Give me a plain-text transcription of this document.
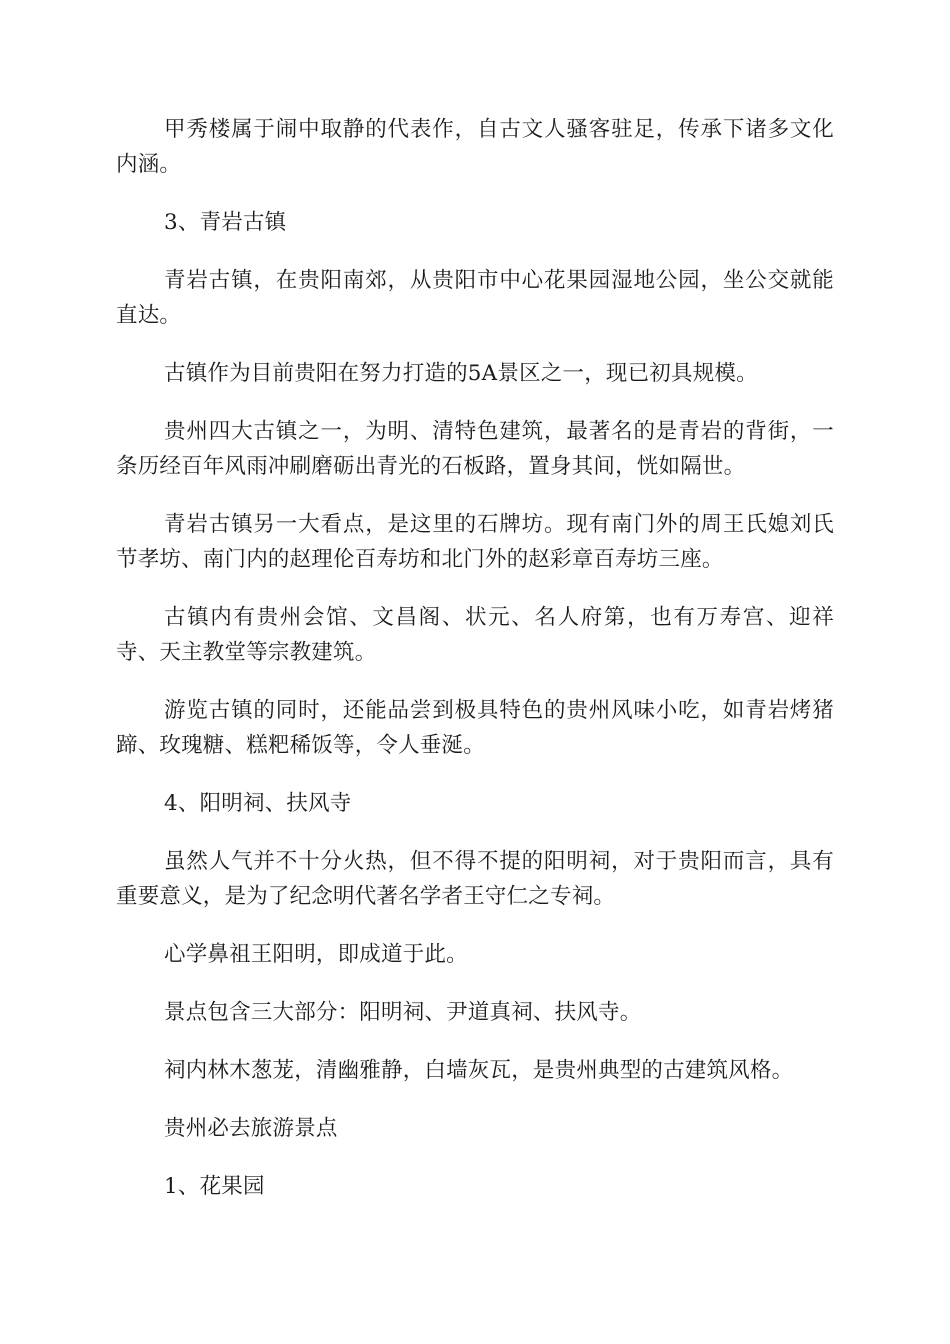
甲秀楼属于闹中取静的代表作，自古文人骚客驻足，传承下诸多文化内涵。

3、青岩古镇

青岩古镇，在贵阳南郊，从贵阳市中心花果园湿地公园，坐公交就能直达。

古镇作为目前贵阳在努力打造的5A景区之一，现已初具规模。

贵州四大古镇之一，为明、清特色建筑，最著名的是青岩的背街，一条历经百年风雨冲刷磨砺出青光的石板路，置身其间，恍如隔世。

青岩古镇另一大看点，是这里的石牌坊。现有南门外的周王氏媳刘氏节孝坊、南门内的赵理伦百寿坊和北门外的赵彩章百寿坊三座。

古镇内有贵州会馆、文昌阁、状元、名人府第，也有万寿宫、迎祥寺、天主教堂等宗教建筑。

游览古镇的同时，还能品尝到极具特色的贵州风味小吃，如青岩烤猪蹄、玫瑰糖、糕粑稀饭等，令人垂涎。

4、阳明祠、扶风寺

虽然人气并不十分火热，但不得不提的阳明祠，对于贵阳而言，具有重要意义，是为了纪念明代著名学者王守仁之专祠。

心学鼻祖王阳明，即成道于此。

景点包含三大部分：阳明祠、尹道真祠、扶风寺。

祠内林木葱茏，清幽雅静，白墙灰瓦，是贵州典型的古建筑风格。

贵州必去旅游景点

1、花果园
